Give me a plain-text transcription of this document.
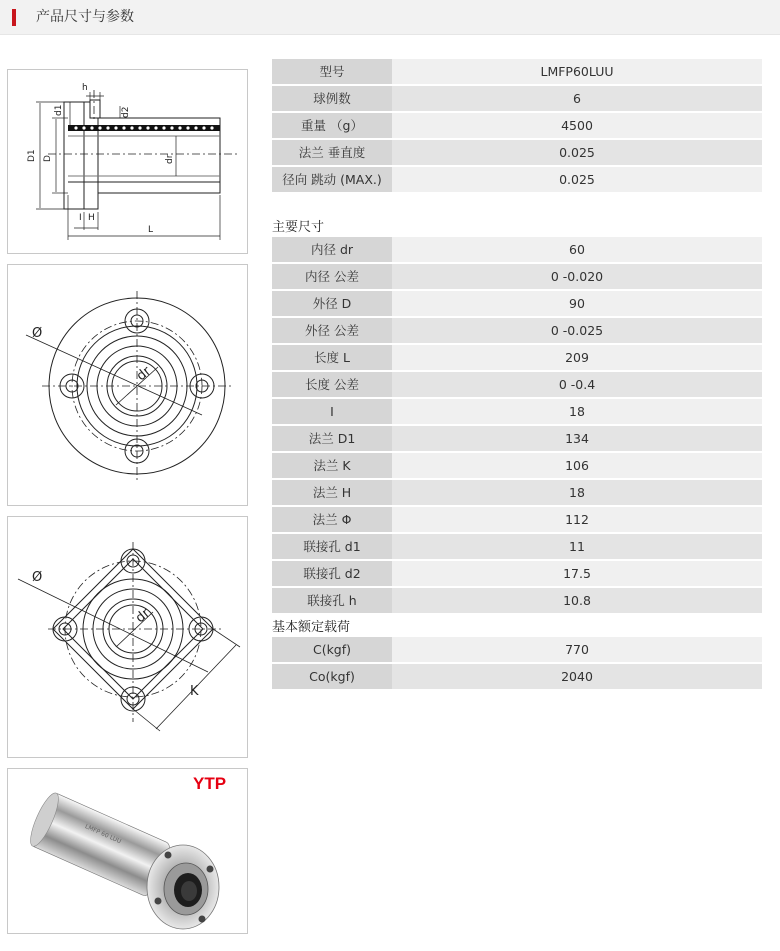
产品尺寸与参数
h
d1	d2
D1 D	dr
I H
L
Ø
dr
Ø
dr
K
LMFP 60 LUU
YTP
型号	LMFP60LUU
球例数	6
重量 （g）	4500
法兰 垂直度	0.025
径向 跳动 (MAX.)	0.025
主要尺寸
内径 dr	60
内径 公差	0 -0.020
外径 D	90
外径 公差	0 -0.025
长度 L	209
长度 公差	0 -0.4
I	18
法兰 D1	134
法兰 K	106
法兰 H	18
法兰 Φ	112
联接孔 d1	11
联接孔 d2	17.5
联接孔 h	10.8
基本额定载荷
C(kgf)	770
Co(kgf)	2040
